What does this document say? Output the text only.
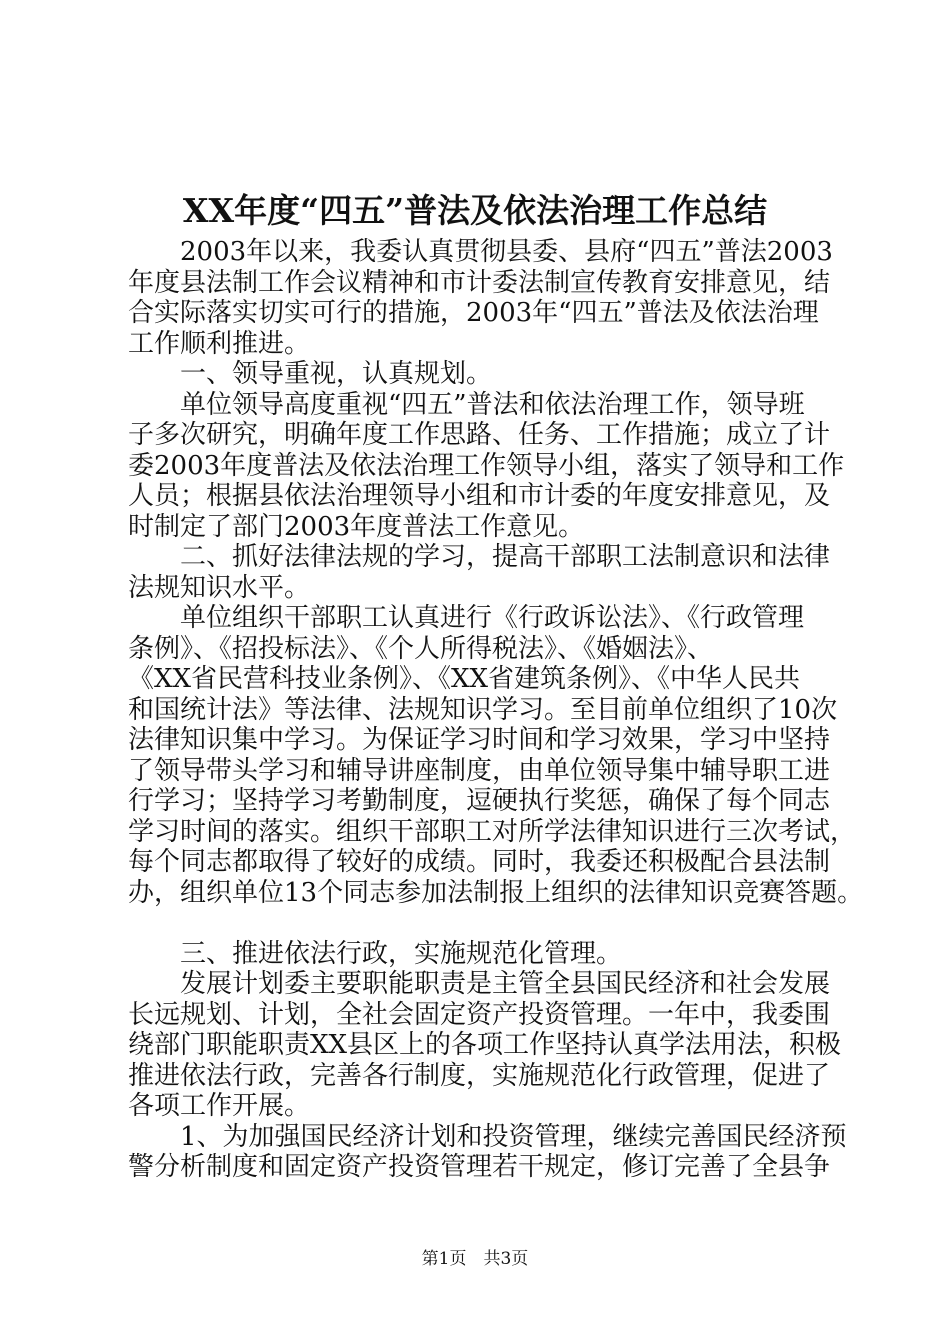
XX年度“四五”普法及依法治理工作总结
　　2003年以来，我委认真贯彻县委、县府“四五”普法2003
年度县法制工作会议精神和市计委法制宣传教育安排意见，结
合实际落实切实可行的措施，2003年“四五”普法及依法治理
工作顺利推进。
　　一、领导重视，认真规划。
　　单位领导高度重视“四五”普法和依法治理工作，领导班
子多次研究，明确年度工作思路、任务、工作措施；成立了计
委2003年度普法及依法治理工作领导小组，落实了领导和工作
人员；根据县依法治理领导小组和市计委的年度安排意见，及
时制定了部门2003年度普法工作意见。
　　二、抓好法律法规的学习，提高干部职工法制意识和法律
法规知识水平。
　　单位组织干部职工认真进行《行政诉讼法》、《行政管理
条例》、《招投标法》、《个人所得税法》、《婚姻法》、
《XX省民营科技业条例》、《XX省建筑条例》、《中华人民共
和国统计法》等法律、法规知识学习。至目前单位组织了10次
法律知识集中学习。为保证学习时间和学习效果，学习中坚持
了领导带头学习和辅导讲座制度，由单位领导集中辅导职工进
行学习；坚持学习考勤制度，逗硬执行奖惩，确保了每个同志
学习时间的落实。组织干部职工对所学法律知识进行三次考试，
每个同志都取得了较好的成绩。同时，我委还积极配合县法制
办，组织单位13个同志参加法制报上组织的法律知识竞赛答题。
　　三、推进依法行政，实施规范化管理。
　　发展计划委主要职能职责是主管全县国民经济和社会发展
长远规划、计划，全社会固定资产投资管理。一年中，我委围
绕部门职能职责XX县区上的各项工作坚持认真学法用法，积极
推进依法行政，完善各行制度，实施规范化行政管理，促进了
各项工作开展。
　　1、为加强国民经济计划和投资管理，继续完善国民经济预
警分析制度和固定资产投资管理若干规定，修订完善了全县争
第1页　共3页
